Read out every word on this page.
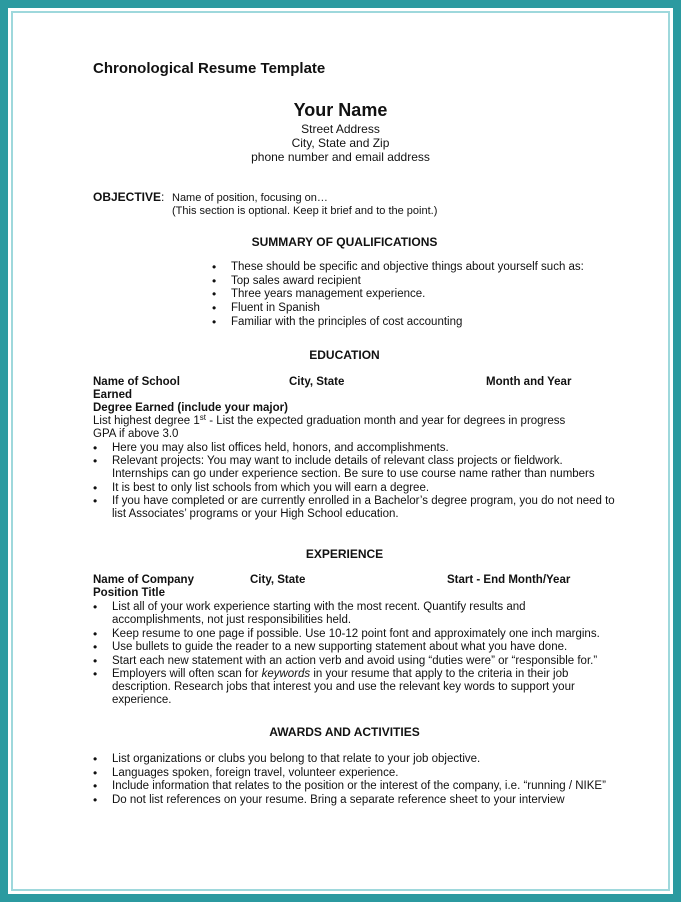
Chronological Resume Template
Your Name
Street Address
City, State and Zip
phone number and email address
OBJECTIVE: Name of position, focusing on…
(This section is optional. Keep it brief and to the point.)
SUMMARY OF QUALIFICATIONS
• These should be specific and objective things about yourself such as:
• Top sales award recipient
• Three years management experience.
• Fluent in Spanish
• Familiar with the principles of cost accounting
EDUCATION
Name of School	City, State	Month and Year
Earned
Degree Earned (include your major)
List highest degree 1st - List the expected graduation month and year for degrees in progress
GPA if above 3.0
• Here you may also list offices held, honors, and accomplishments.
• Relevant projects: You may want to include details of relevant class projects or fieldwork.
Internships can go under experience section. Be sure to use course name rather than numbers
• It is best to only list schools from which you will earn a degree.
• If you have completed or are currently enrolled in a Bachelor’s degree program, you do not need to
list Associates’ programs or your High School education.
EXPERIENCE
Name of Company	City, State	Start - End Month/Year
Position Title
• List all of your work experience starting with the most recent. Quantify results and
accomplishments, not just responsibilities held.
• Keep resume to one page if possible. Use 10-12 point font and approximately one inch margins.
• Use bullets to guide the reader to a new supporting statement about what you have done.
• Start each new statement with an action verb and avoid using “duties were” or “responsible for.”
• Employers will often scan for keywords in your resume that apply to the criteria in their job
description. Research jobs that interest you and use the relevant key words to support your
experience.
AWARDS AND ACTIVITIES
• List organizations or clubs you belong to that relate to your job objective.
• Languages spoken, foreign travel, volunteer experience.
• Include information that relates to the position or the interest of the company, i.e. “running / NIKE”
• Do not list references on your resume. Bring a separate reference sheet to your interview
